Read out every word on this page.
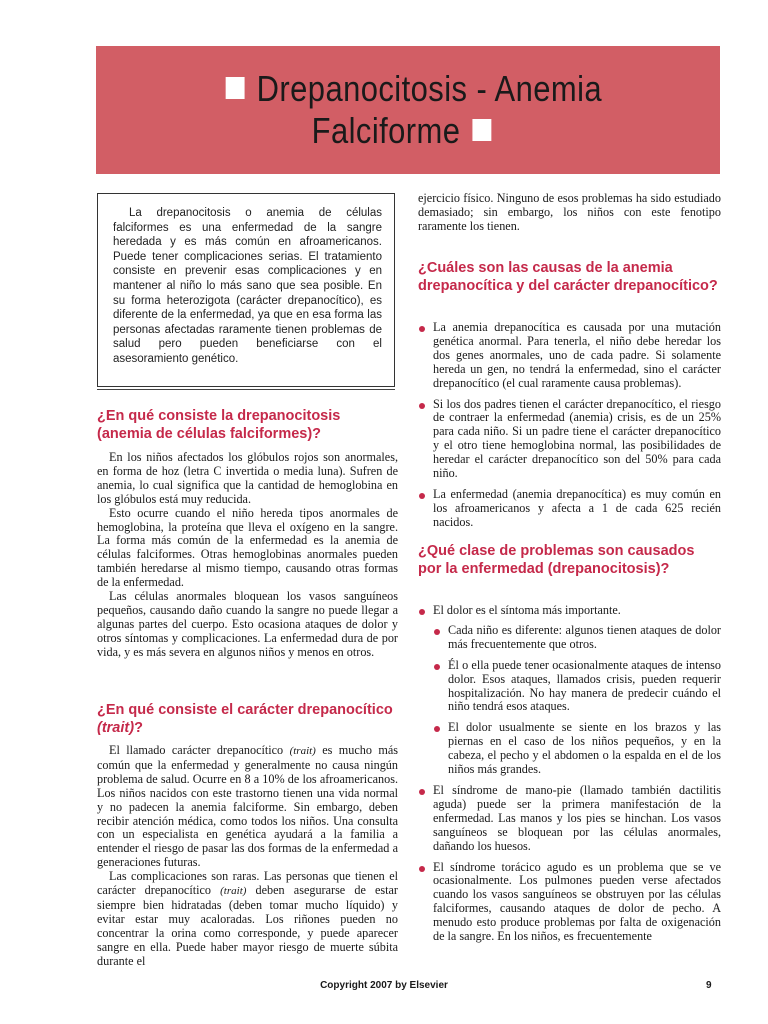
Drepanocitosis - Anemia
Falciforme

La drepanocitosis o anemia de células falciformes es una enfermedad de la sangre heredada y es más común en afroamericanos. Puede tener complicaciones serias. El tratamiento consiste en prevenir esas complicaciones y en mantener al niño lo más sano que sea posible. En su forma heterozigota (carácter drepanocítico), es diferente de la enfermedad, ya que en esa forma las personas afectadas raramente tienen problemas de salud pero pueden beneficiarse con el asesoramiento genético.

¿En qué consiste la drepanocitosis (anemia de células falciformes)?

En los niños afectados los glóbulos rojos son anormales, en forma de hoz (letra C invertida o media luna). Sufren de anemia, lo cual significa que la cantidad de hemoglobina en los glóbulos está muy reducida.

Esto ocurre cuando el niño hereda tipos anormales de hemoglobina, la proteína que lleva el oxígeno en la sangre. La forma más común de la enfermedad es la anemia de células falciformes. Otras hemoglobinas anormales pueden también heredarse al mismo tiempo, causando otras formas de la enfermedad.

Las células anormales bloquean los vasos sanguíneos pequeños, causando daño cuando la sangre no puede llegar a algunas partes del cuerpo. Esto ocasiona ataques de dolor y otros síntomas y complicaciones. La enfermedad dura de por vida, y es más severa en algunos niños y menos en otros.

¿En qué consiste el carácter drepanocítico (trait)?

El llamado carácter drepanocítico (trait) es mucho más común que la enfermedad y generalmente no causa ningún problema de salud. Ocurre en 8 a 10% de los afroamericanos. Los niños nacidos con este trastorno tienen una vida normal y no padecen la anemia falciforme. Sin embargo, deben recibir atención médica, como todos los niños. Una consulta con un especialista en genética ayudará a la familia a entender el riesgo de pasar las dos formas de la enfermedad a generaciones futuras.

Las complicaciones son raras. Las personas que tienen el carácter drepanocítico (trait) deben asegurarse de estar siempre bien hidratadas (deben tomar mucho líquido) y evitar estar muy acaloradas. Los riñones pueden no concentrar la orina como corresponde, y puede aparecer sangre en ella. Puede haber mayor riesgo de muerte súbita durante el

ejercicio físico. Ninguno de esos problemas ha sido estudiado demasiado; sin embargo, los niños con este fenotipo raramente los tienen.

¿Cuáles son las causas de la anemia drepanocítica y del carácter drepanocítico?
La anemia drepanocítica es causada por una mutación genética anormal. Para tenerla, el niño debe heredar los dos genes anormales, uno de cada padre. Si solamente hereda un gen, no tendrá la enfermedad, sino el carácter drepanocítico (el cual raramente causa problemas).
Si los dos padres tienen el carácter drepanocítico, el riesgo de contraer la enfermedad (anemia) crisis, es de un 25% para cada niño. Si un padre tiene el carácter drepanocítico y el otro tiene hemoglobina normal, las posibilidades de heredar el carácter drepanocítico son del 50% para cada niño.
La enfermedad (anemia drepanocítica) es muy común en los afroamericanos y afecta a 1 de cada 625 recién nacidos.
¿Qué clase de problemas son causados por la enfermedad (drepanocitosis)?
El dolor es el síntoma más importante.
Cada niño es diferente: algunos tienen ataques de dolor más frecuentemente que otros.
Él o ella puede tener ocasionalmente ataques de intenso dolor. Esos ataques, llamados crisis, pueden requerir hospitalización. No hay manera de predecir cuándo el niño tendrá esos ataques.
El dolor usualmente se siente en los brazos y las piernas en el caso de los niños pequeños, y en la cabeza, el pecho y el abdomen o la espalda en el de los niños más grandes.
El síndrome de mano-pie (llamado también dactilitis aguda) puede ser la primera manifestación de la enfermedad. Las manos y los pies se hinchan. Los vasos sanguíneos se bloquean por las células anormales, dañando los huesos.
El síndrome torácico agudo es un problema que se ve ocasionalmente. Los pulmones pueden verse afectados cuando los vasos sanguíneos se obstruyen por las células falciformes, causando ataques de dolor de pecho. A menudo esto produce problemas por falta de oxigenación de la sangre. En los niños, es frecuentemente
Copyright 2007 by Elsevier	9
